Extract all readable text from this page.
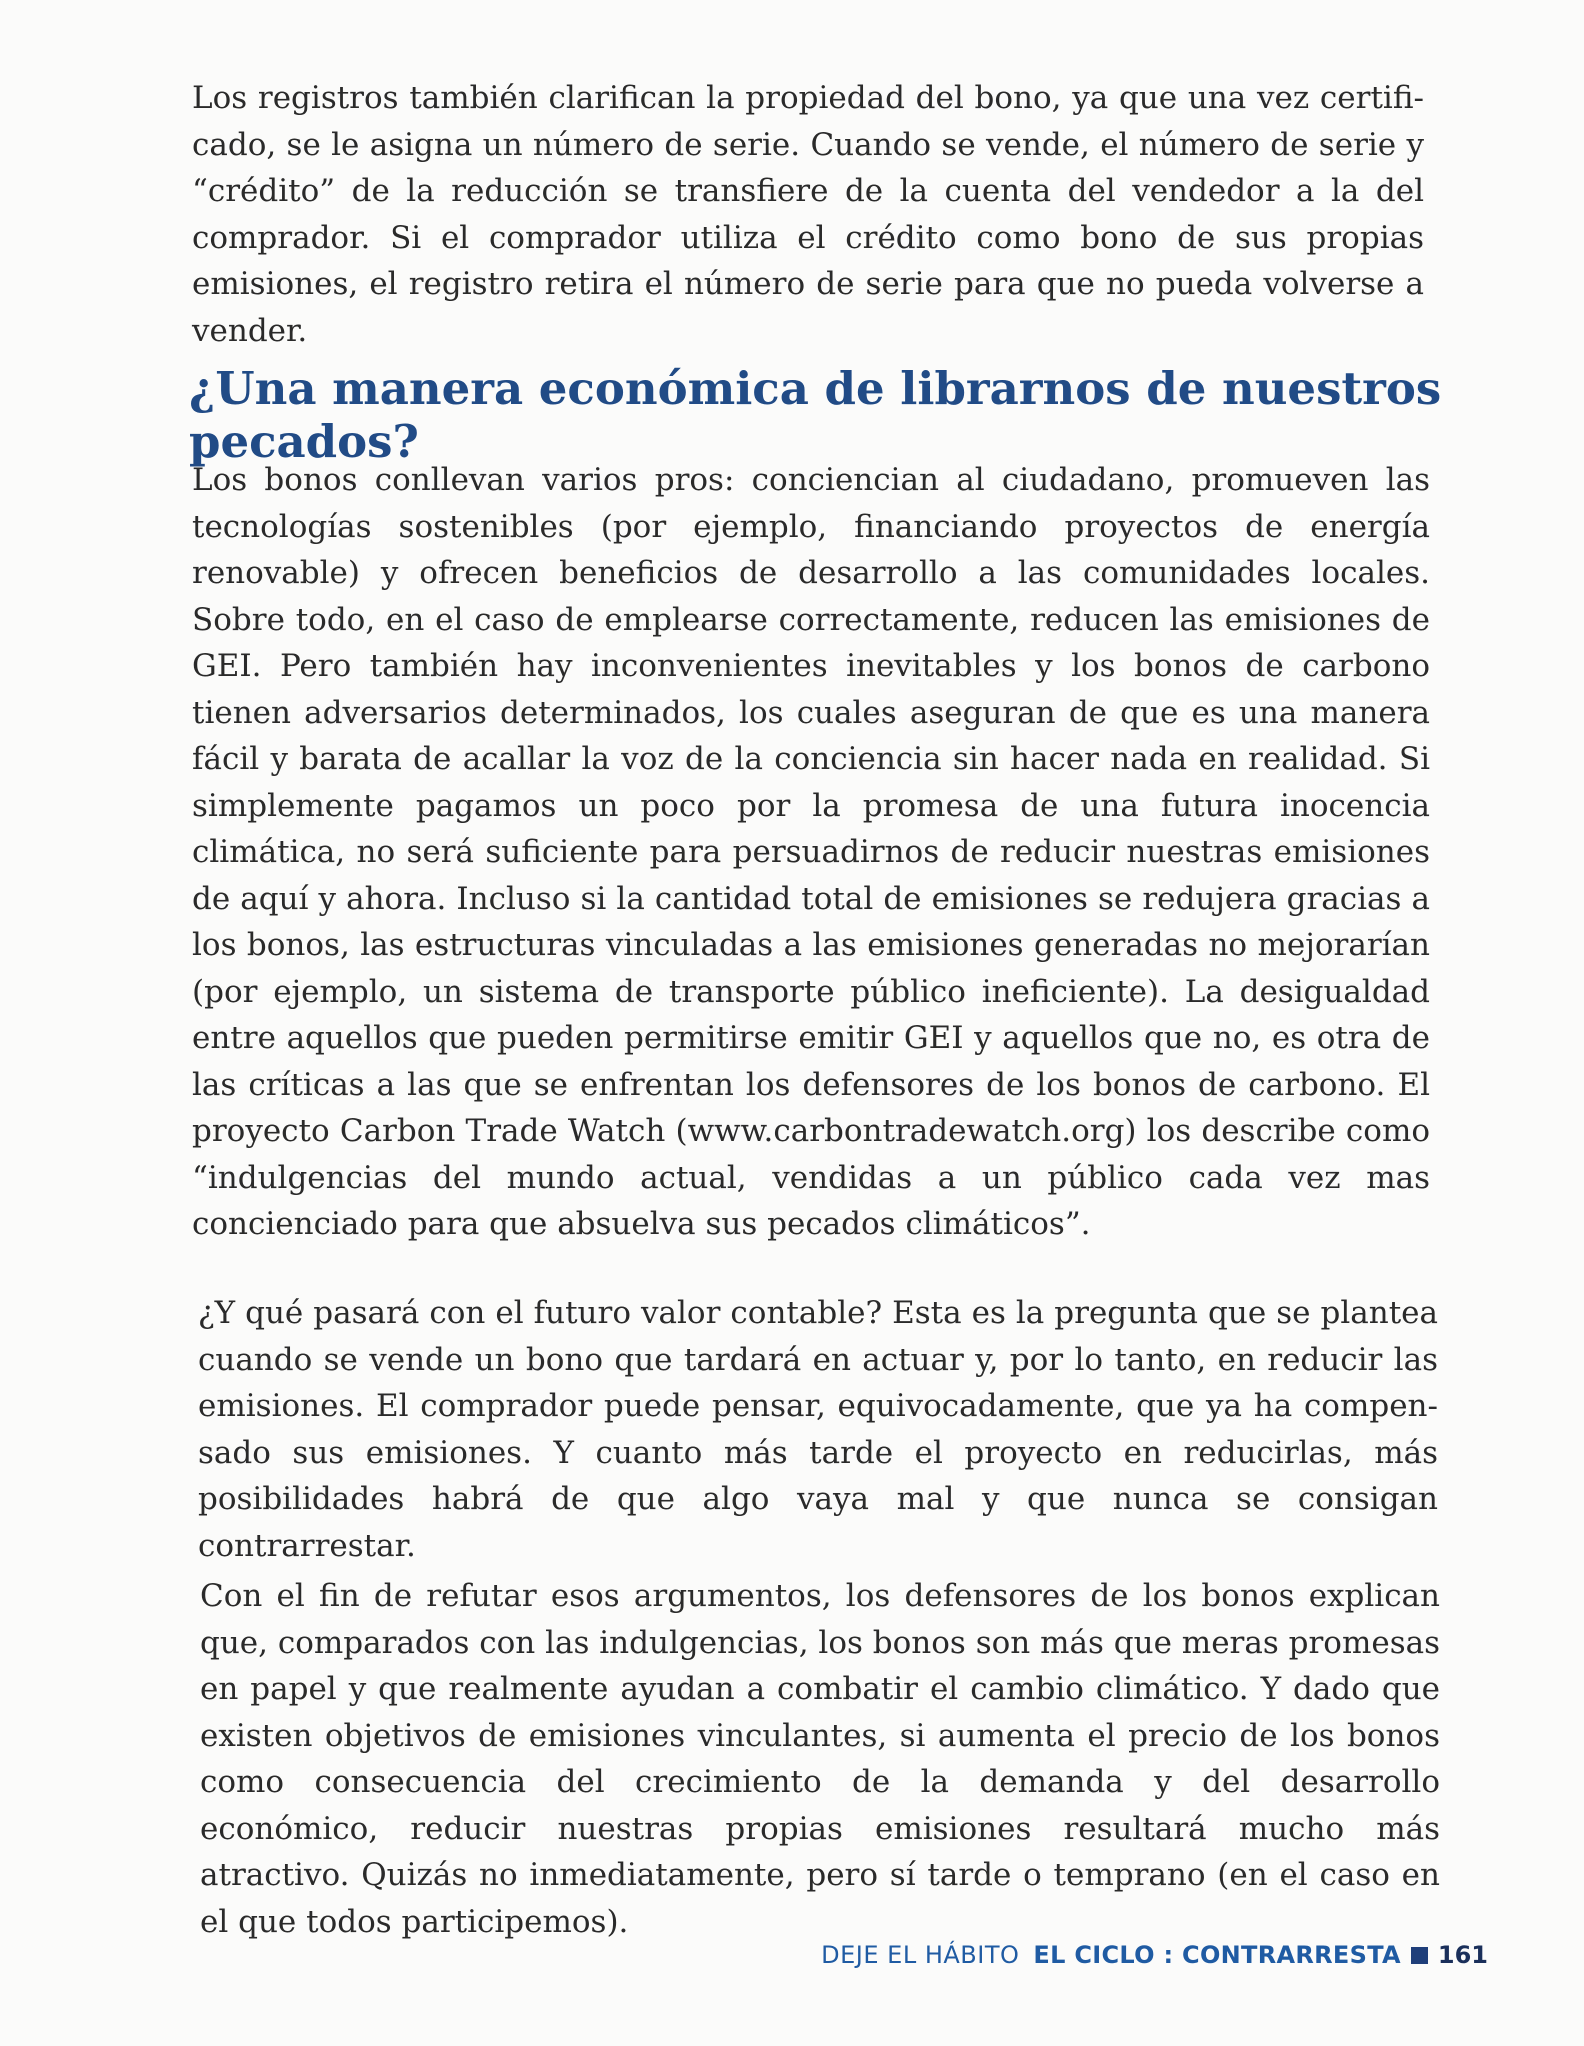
Los registros también clarifican la propiedad del bono, ya que una vez certificado, se le asigna un número de serie. Cuando se vende, el número de serie y “crédito” de la reducción se transfiere de la cuenta del vendedor a la del comprador. Si el comprador utiliza el crédito como bono de sus propias emisiones, el registro retira el número de serie para que no pueda volverse a vender.

¿Una manera económica de librarnos de nuestros pecados?

Los bonos conllevan varios pros: conciencian al ciudadano, promueven las tecnologías sostenibles (por ejemplo, financiando proyectos de energía renovable) y ofrecen beneficios de desarrollo a las comunidades locales. Sobre todo, en el caso de emplearse correctamente, reducen las emisiones de GEI. Pero también hay inconvenientes inevitables y los bonos de carbono tienen adversarios determinados, los cuales aseguran de que es una manera fácil y barata de acallar la voz de la conciencia sin hacer nada en realidad. Si simplemente pagamos un poco por la promesa de una futura inocencia climática, no será suficiente para persuadirnos de reducir nuestras emisiones de aquí y ahora. Incluso si la cantidad total de emisiones se redujera gracias a los bonos, las estructuras vinculadas a las emisiones generadas no mejorarían (por ejemplo, un sistema de transporte público ineficiente). La desigualdad entre aquellos que pueden permitirse emitir GEI y aquellos que no, es otra de las críticas a las que se enfrentan los defensores de los bonos de carbono. El proyecto Carbon Trade Watch (www.carbontradewatch.org) los describe como “indulgencias del mundo actual, vendidas a un público cada vez mas concienciado para que absuelva sus pecados climáticos”.

¿Y qué pasará con el futuro valor contable? Esta es la pregunta que se plantea cuando se vende un bono que tardará en actuar y, por lo tanto, en reducir las emisiones. El comprador puede pensar, equivocadamente, que ya ha compensado sus emisiones. Y cuanto más tarde el proyecto en reducirlas, más posibilidades habrá de que algo vaya mal y que nunca se consigan contrarrestar.

Con el fin de refutar esos argumentos, los defensores de los bonos explican que, comparados con las indulgencias, los bonos son más que meras promesas en papel y que realmente ayudan a combatir el cambio climático. Y dado que existen objetivos de emisiones vinculantes, si aumenta el precio de los bonos como consecuencia del crecimiento de la demanda y del desarrollo económico, reducir nuestras propias emisiones resultará mucho más atractivo. Quizás no inmediatamente, pero sí tarde o temprano (en el caso en el que todos participemos).

DEJE EL HÁBITO EL CICLO : CONTRARRESTA 161
